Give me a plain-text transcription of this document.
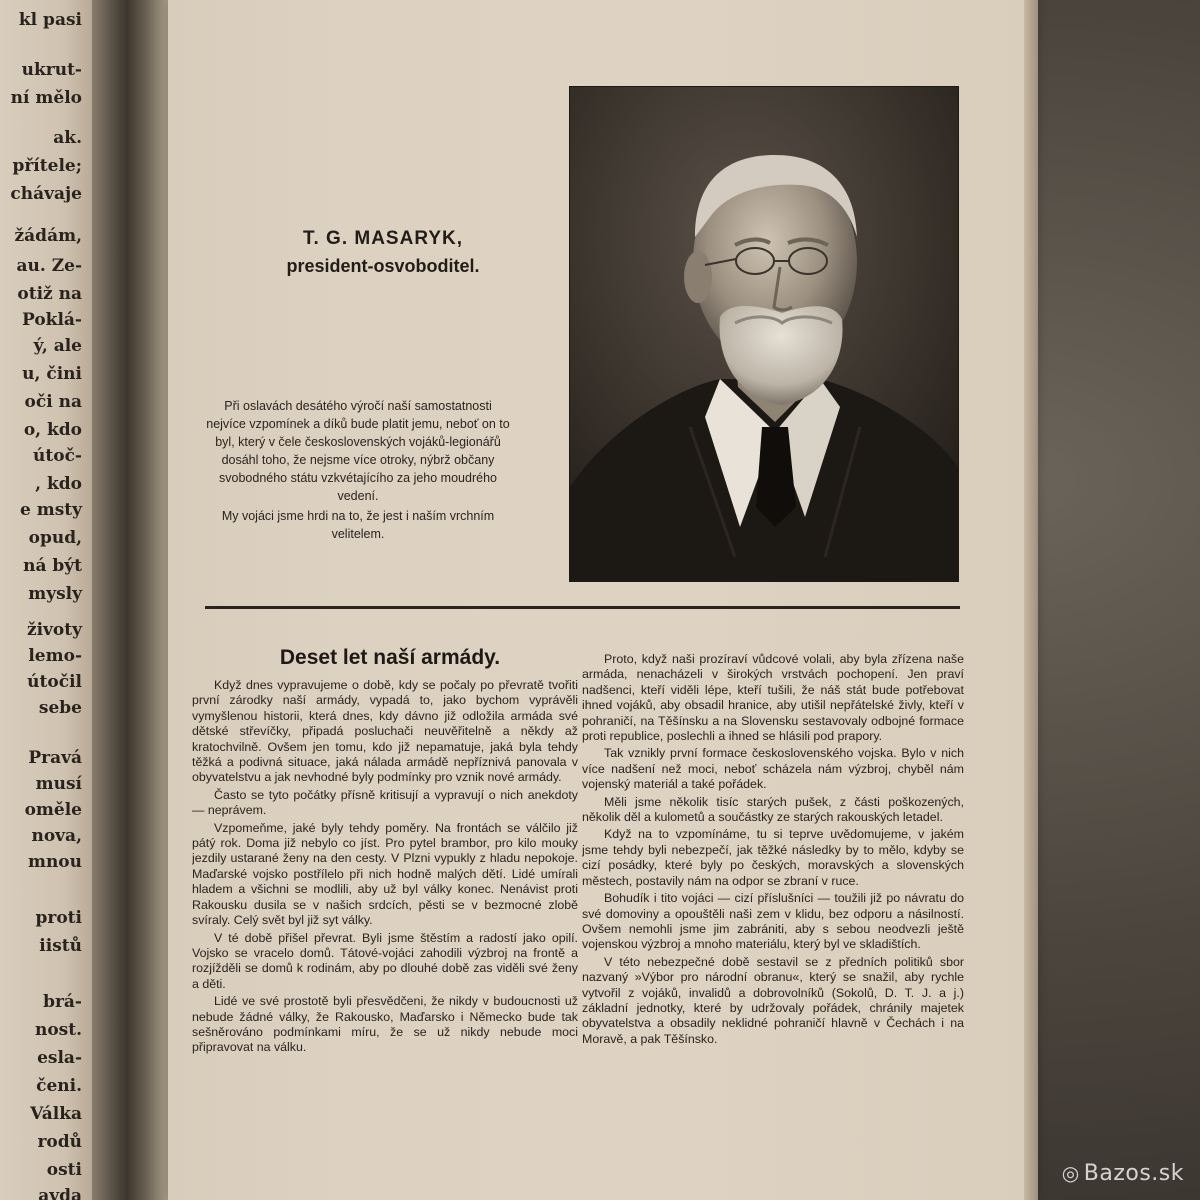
kl pasi
ukrut-
ní mělo
ak.
přítele;
chávaje
žádám,
au. Ze-
otiž na
Poklá-
ý, ale
u, čini
oči na
o, kdo
útoč-
, kdo
e msty
opud,
ná být
mysly
životy
lemo-
útočil
sebe
Pravá
musí
oměle
nova,
mnou
proti
iistů
brá-
nost.
esla-
čeni.
Válka
rodů
osti
avda
T. G. MASARYK,
president-osvoboditel.

Při oslavách desátého výročí naší samostatnosti nejvíce vzpomínek a díků bude platit jemu, neboť on to byl, který v čele československých vojáků-legionářů dosáhl toho, že nejsme více otroky, nýbrž občany svobodného státu vzkvétajícího za jeho moudrého vedení.

My vojáci jsme hrdi na to, že jest i naším vrchním velitelem.

Deset let naší armády.

Když dnes vypravujeme o době, kdy se počaly po převratě tvořiti první zárodky naší armády, vypadá to, jako bychom vyprávěli vymyšlenou historii, která dnes, kdy dávno již odložila armáda své dětské střevíčky, připadá posluchači neuvěřitelně a někdy až kratochvilně. Ovšem jen tomu, kdo již nepamatuje, jaká byla tehdy těžká a podivná situace, jaká nálada armádě nepříznivá panovala v obyvatelstvu a jak nevhodné byly podmínky pro vznik nové armády.

Často se tyto počátky přísně kritisují a vypravují o nich anekdoty — neprávem.

Vzpomeňme, jaké byly tehdy poměry. Na frontách se válčilo již pátý rok. Doma již nebylo co jíst. Pro pytel brambor, pro kilo mouky jezdily ustarané ženy na den cesty. V Plzni vypukly z hladu nepokoje. Maďarské vojsko postřílelo při nich hodně malých dětí. Lidé umírali hladem a všichni se modlili, aby už byl války konec. Nenávist proti Rakousku dusila se v našich srdcích, pěsti se v bezmocné zlobě svíraly. Celý svět byl již syt války.

V té době přišel převrat. Byli jsme štěstím a radostí jako opilí. Vojsko se vracelo domů. Tátové-vojáci zahodili výzbroj na frontě a rozjížděli se domů k rodinám, aby po dlouhé době zas viděli své ženy a děti.

Lidé ve své prostotě byli přesvědčeni, že nikdy v budoucnosti už nebude žádné války, že Rakousko, Maďarsko i Německo bude tak sešněrováno podmínkami míru, že se už nikdy nebude moci připravovat na válku.

Proto, když naši prozíraví vůdcové volali, aby byla zřízena naše armáda, nenacházeli v širokých vrstvách pochopení. Jen praví nadšenci, kteří viděli lépe, kteří tušili, že náš stát bude potřebovat ihned vojáků, aby obsadil hranice, aby utišil nepřátelské živly, kteří v pohraničí, na Těšínsku a na Slovensku sestavovaly odbojné formace proti republice, poslechli a ihned se hlásili pod prapory.

Tak vznikly první formace československého vojska. Bylo v nich více nadšení než moci, neboť scházela nám výzbroj, chyběl nám vojenský materiál a také pořádek.

Měli jsme několik tisíc starých pušek, z části poškozených, několik děl a kulometů a součástky ze starých rakouských letadel.

Když na to vzpomínáme, tu si teprve uvědomujeme, v jakém jsme tehdy byli nebezpečí, jak těžké následky by to mělo, kdyby se cizí posádky, které byly po českých, moravských a slovenských městech, postavily nám na odpor se zbraní v ruce.

Bohudík i tito vojáci — cizí příslušníci — toužili již po návratu do své domoviny a opouštěli naši zem v klidu, bez odporu a násilností. Ovšem nemohli jsme jim zabrániti, aby s sebou neodvezli ještě vojenskou výzbroj a mnoho materiálu, který byl ve skladištích.

V této nebezpečné době sestavil se z předních politiků sbor nazvaný »Výbor pro národní obranu«, který se snažil, aby rychle vytvořil z vojáků, invalidů a dobrovolníků (Sokolů, D. T. J. a j.) základní jednotky, které by udržovaly pořádek, chránily majetek obyvatelstva a obsadily neklidné pohraničí hlavně v Čechách i na Moravě, a pak Těšínsko.

◎ Bazos.sk
